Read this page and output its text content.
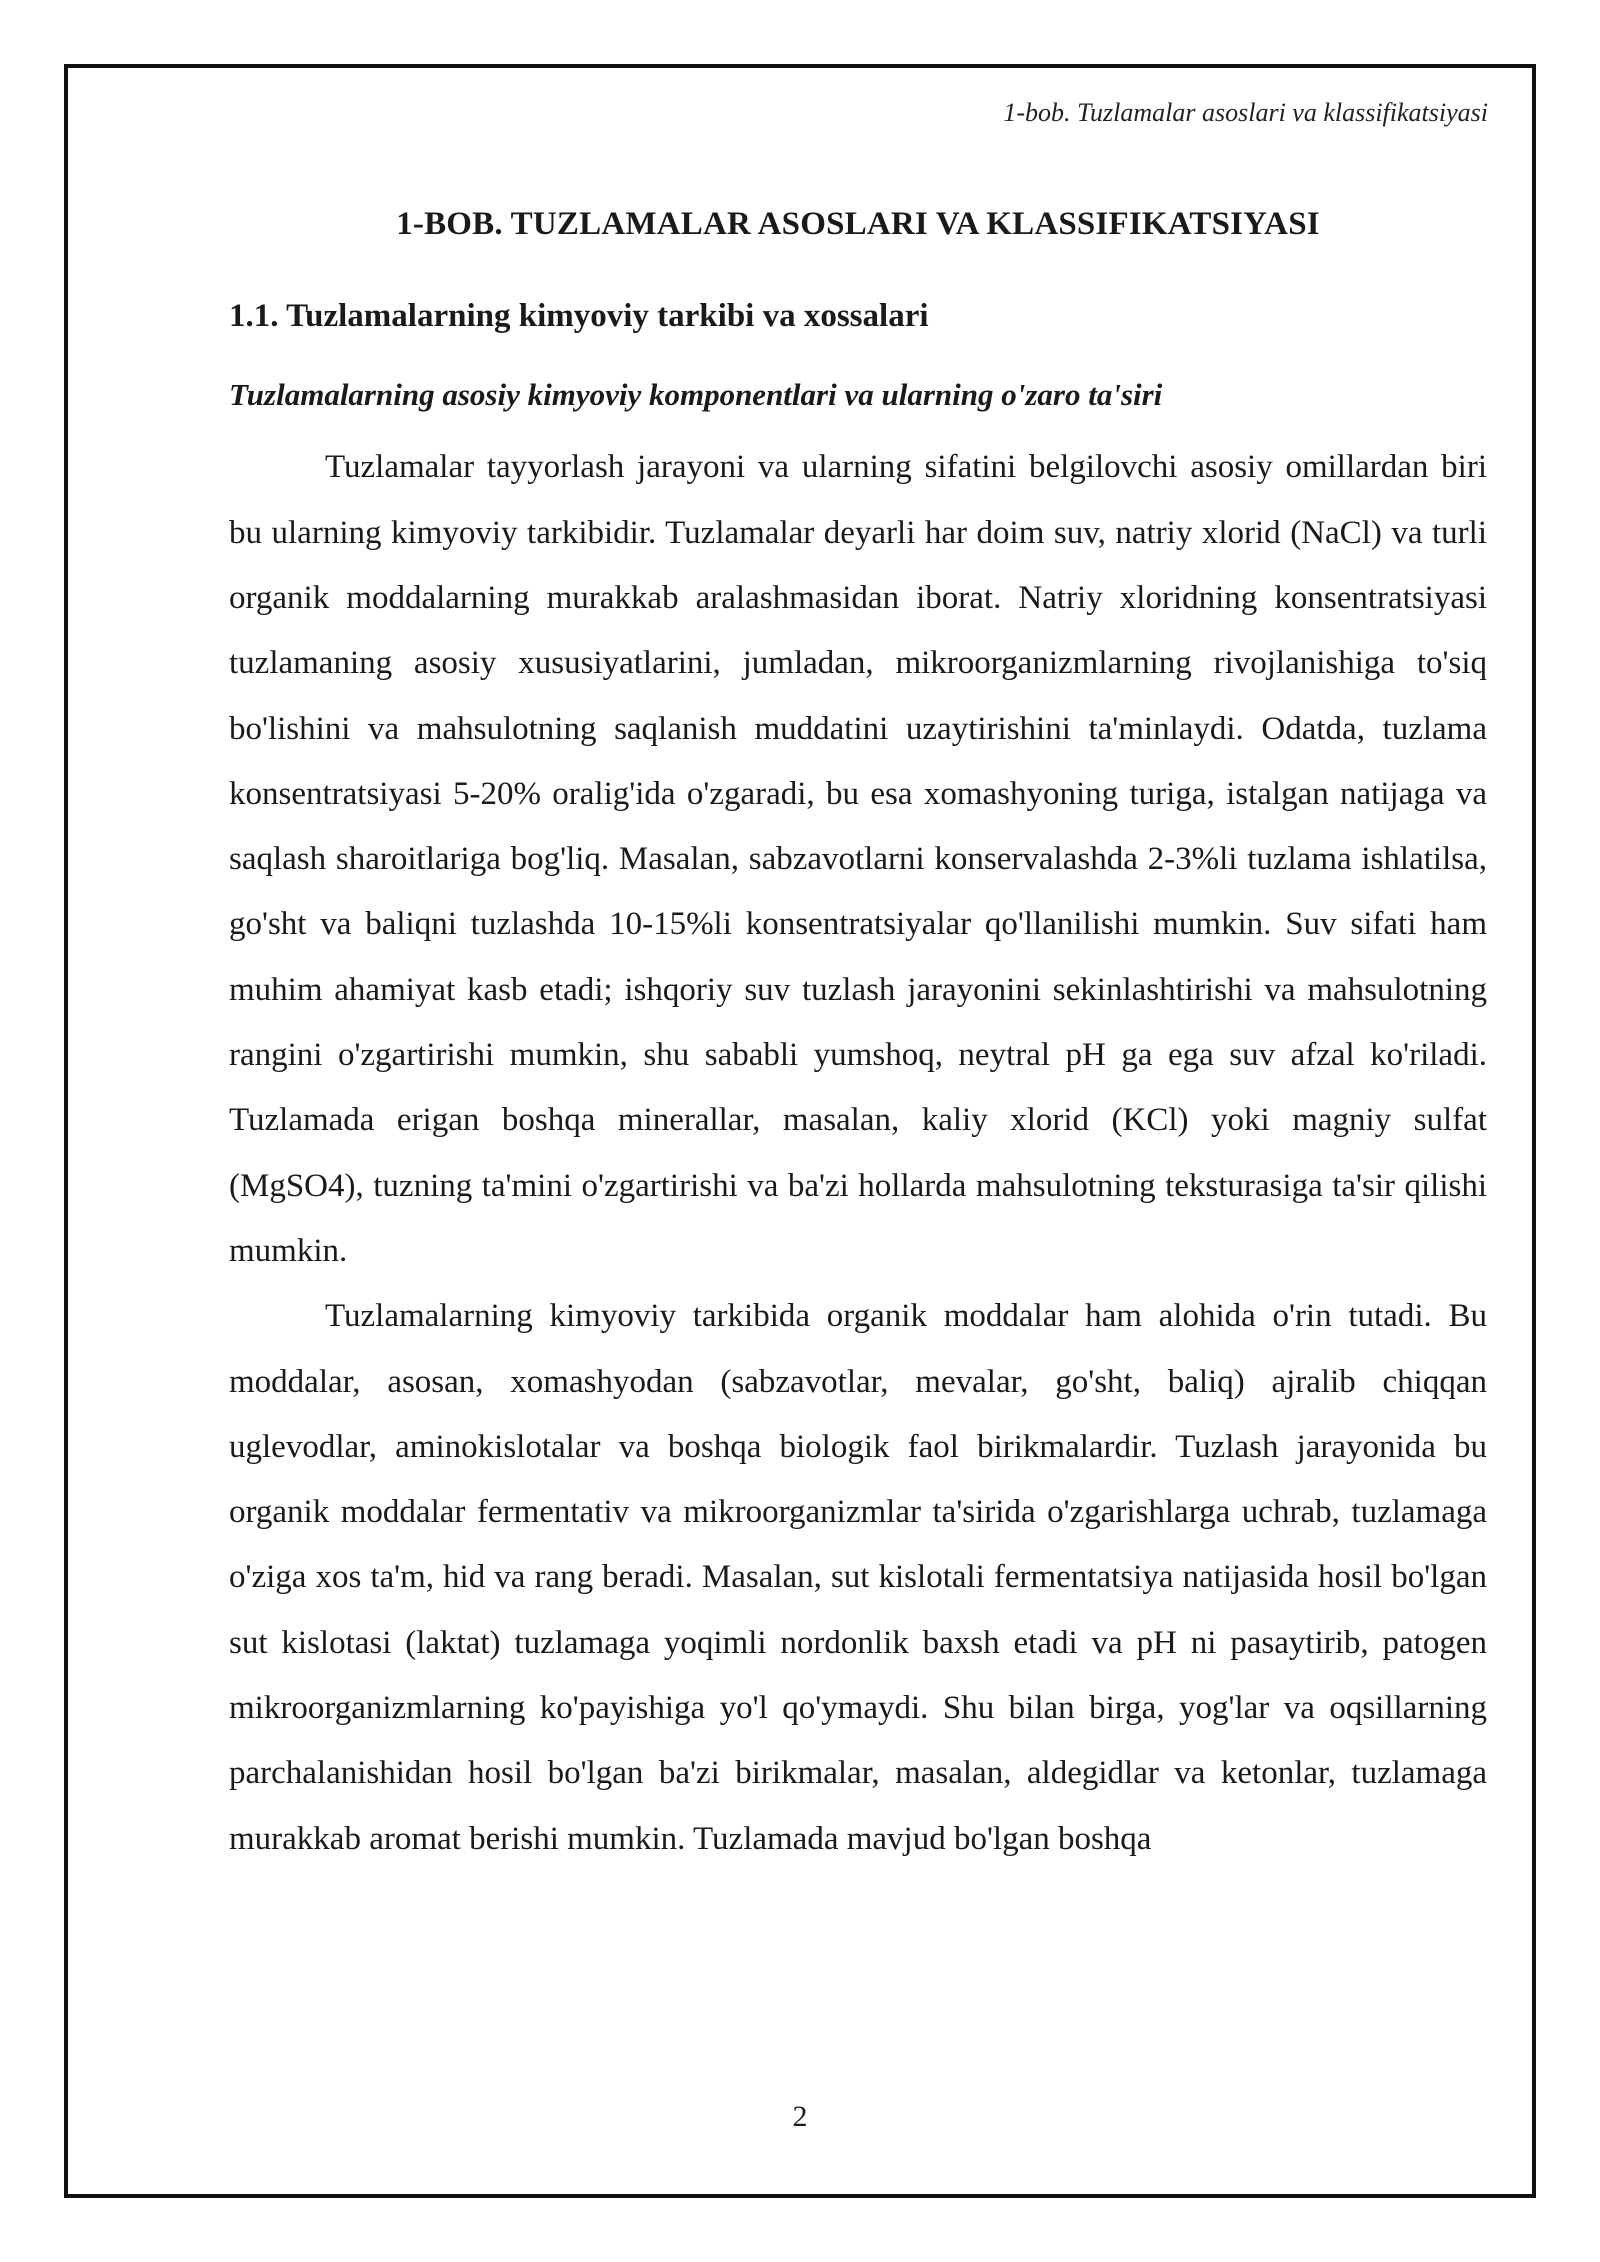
1-bob. Tuzlamalar asoslari va klassifikatsiyasi
1-BOB. TUZLAMALAR ASOSLARI VA KLASSIFIKATSIYASI
1.1. Tuzlamalarning kimyoviy tarkibi va xossalari
Tuzlamalarning asosiy kimyoviy komponentlari va ularning o'zaro ta'siri

Tuzlamalar tayyorlash jarayoni va ularning sifatini belgilovchi asosiy omillardan biri bu ularning kimyoviy tarkibidir. Tuzlamalar deyarli har doim suv, natriy xlorid (NaCl) va turli organik moddalarning murakkab aralashmasidan iborat. Natriy xloridning konsentratsiyasi tuzlamaning asosiy xususiyatlarini, jumladan, mikroorganizmlarning rivojlanishiga to'siq bo'lishini va mahsulotning saqlanish muddatini uzaytirishini ta'minlaydi. Odatda, tuzlama konsentratsiyasi 5-20% oralig'ida o'zgaradi, bu esa xomashyoning turiga, istalgan natijaga va saqlash sharoitlariga bog'liq. Masalan, sabzavotlarni konservalashda 2-3%li tuzlama ishlatilsa, go'sht va baliqni tuzlashda 10-15%li konsentratsiyalar qo'llanilishi mumkin. Suv sifati ham muhim ahamiyat kasb etadi; ishqoriy suv tuzlash jarayonini sekinlashtirishi va mahsulotning rangini o'zgartirishi mumkin, shu sababli yumshoq, neytral pH ga ega suv afzal ko'riladi. Tuzlamada erigan boshqa minerallar, masalan, kaliy xlorid (KCl) yoki magniy sulfat (MgSO4), tuzning ta'mini o'zgartirishi va ba'zi hollarda mahsulotning teksturasiga ta'sir qilishi mumkin.

Tuzlamalarning kimyoviy tarkibida organik moddalar ham alohida o'rin tutadi. Bu moddalar, asosan, xomashyodan (sabzavotlar, mevalar, go'sht, baliq) ajralib chiqqan uglevodlar, aminokislotalar va boshqa biologik faol birikmalardir. Tuzlash jarayonida bu organik moddalar fermentativ va mikroorganizmlar ta'sirida o'zgarishlarga uchrab, tuzlamaga o'ziga xos ta'm, hid va rang beradi. Masalan, sut kislotali fermentatsiya natijasida hosil bo'lgan sut kislotasi (laktat) tuzlamaga yoqimli nordonlik baxsh etadi va pH ni pasaytirib, patogen mikroorganizmlarning ko'payishiga yo'l qo'ymaydi. Shu bilan birga, yog'lar va oqsillarning parchalanishidan hosil bo'lgan ba'zi birikmalar, masalan, aldegidlar va ketonlar, tuzlamaga murakkab aromat berishi mumkin. Tuzlamada mavjud bo'lgan boshqa

2
